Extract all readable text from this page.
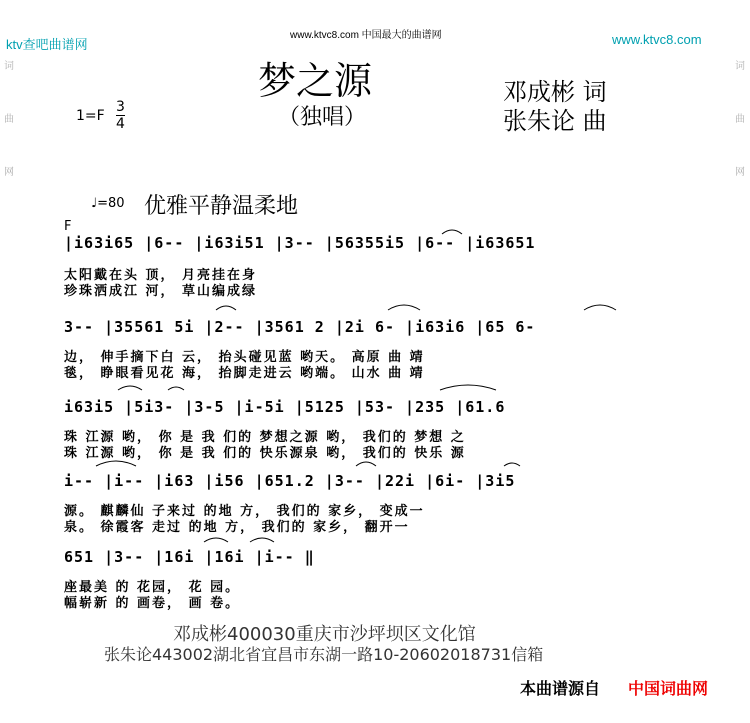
ktv查吧曲谱网
www.ktvc8.com 中国最大的曲谱网	www.ktvc8.com
词
曲
网
词
曲
网
梦之源
（独唱）
邓成彬 词
张朱论 曲
$1=F \frac{3}{4}$
♩=80 优雅平静温柔地
F
|i63i65 |6-- |i63i51 |3-- |56355i5 |6-- |i63651
太阳戴在头 顶， 月亮挂在身
珍珠洒成江 河， 草山编成绿
3-- |35561 5i |2-- |3561 2 |2i 6- |i63i6 |65 6-
边， 伸手摘下白 云， 抬头碰见蓝 哟天。 高原 曲 靖
毯， 睁眼看见花 海， 抬脚走进云 哟端。 山水 曲 靖
i63i5 |5i3- |3-5 |i-5i |5125 |53- |235 |61.6
珠 江源 哟， 你 是 我 们的 梦想之源 哟， 我们的 梦想 之
珠 江源 哟， 你 是 我 们的 快乐源泉 哟， 我们的 快乐 源
i-- |i-- |i63 |i56 |651.2 |3-- |22i |6i- |3i5
源。 麒麟仙 子来过 的地 方， 我们的 家乡， 变成一
泉。 徐霞客 走过 的地 方， 我们的 家乡， 翻开一
651 |3-- |16i |16i |i-- ‖
座最美 的 花园， 花 园。
幅崭新 的 画卷， 画 卷。
邓成彬400030重庆市沙坪坝区文化馆
张朱论443002湖北省宜昌市东湖一路10-20602018731信箱
本曲谱源自 中国词曲网
